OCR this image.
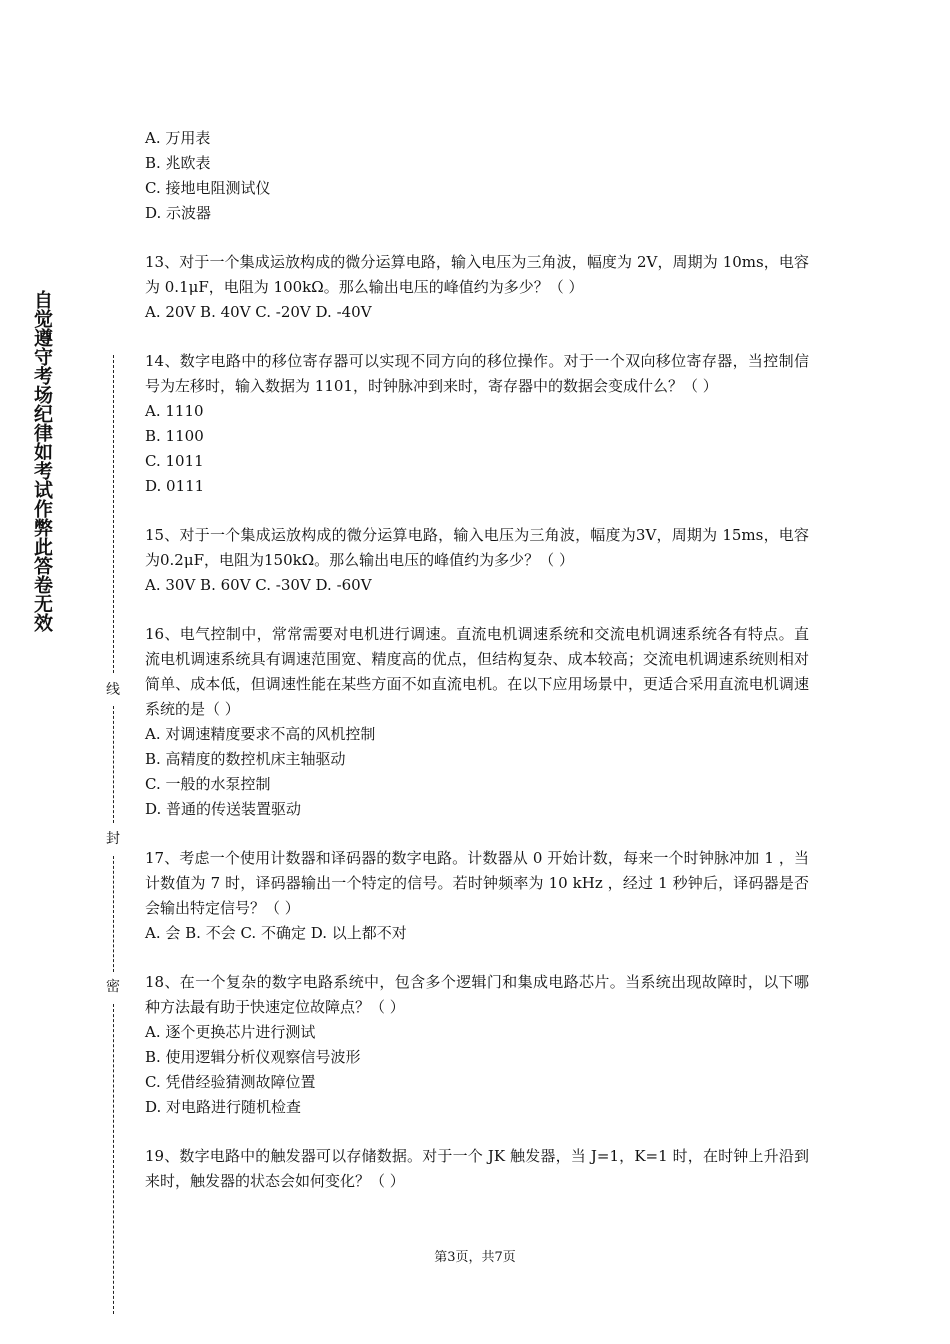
自觉遵守考场纪律如考试作弊此答卷无效
线
封
密
A. 万用表
B. 兆欧表
C. 接地电阻测试仪
D. 示波器
13、对于一个集成运放构成的微分运算电路，输入电压为三角波，幅度为 2V，周期为 10ms，电容为 0.1μF，电阻为 100kΩ。那么输出电压的峰值约为多少？（ ）
A. 20V B. 40V C. -20V D. -40V
14、数字电路中的移位寄存器可以实现不同方向的移位操作。对于一个双向移位寄存器，当控制信号为左移时，输入数据为 1101，时钟脉冲到来时，寄存器中的数据会变成什么？（ ）
A. 1110
B. 1100
C. 1011
D. 0111
15、对于一个集成运放构成的微分运算电路，输入电压为三角波，幅度为3V，周期为 15ms，电容为0.2μF，电阻为150kΩ。那么输出电压的峰值约为多少？（ ）
A. 30V B. 60V C. -30V D. -60V
16、电气控制中，常常需要对电机进行调速。直流电机调速系统和交流电机调速系统各有特点。直流电机调速系统具有调速范围宽、精度高的优点，但结构复杂、成本较高；交流电机调速系统则相对简单、成本低，但调速性能在某些方面不如直流电机。在以下应用场景中，更适合采用直流电机调速系统的是（ ）
A. 对调速精度要求不高的风机控制
B. 高精度的数控机床主轴驱动
C. 一般的水泵控制
D. 普通的传送装置驱动
17、考虑一个使用计数器和译码器的数字电路。计数器从 0 开始计数，每来一个时钟脉冲加 1 ，当计数值为 7 时，译码器输出一个特定的信号。若时钟频率为 10 kHz ，经过 1 秒钟后，译码器是否会输出特定信号？（ ）
A. 会 B. 不会 C. 不确定 D. 以上都不对
18、在一个复杂的数字电路系统中，包含多个逻辑门和集成电路芯片。当系统出现故障时，以下哪种方法最有助于快速定位故障点？（ ）
A. 逐个更换芯片进行测试
B. 使用逻辑分析仪观察信号波形
C. 凭借经验猜测故障位置
D. 对电路进行随机检查
19、数字电路中的触发器可以存储数据。对于一个 JK 触发器，当 J=1，K=1 时，在时钟上升沿到来时，触发器的状态会如何变化？（ ）
第3页，共7页
